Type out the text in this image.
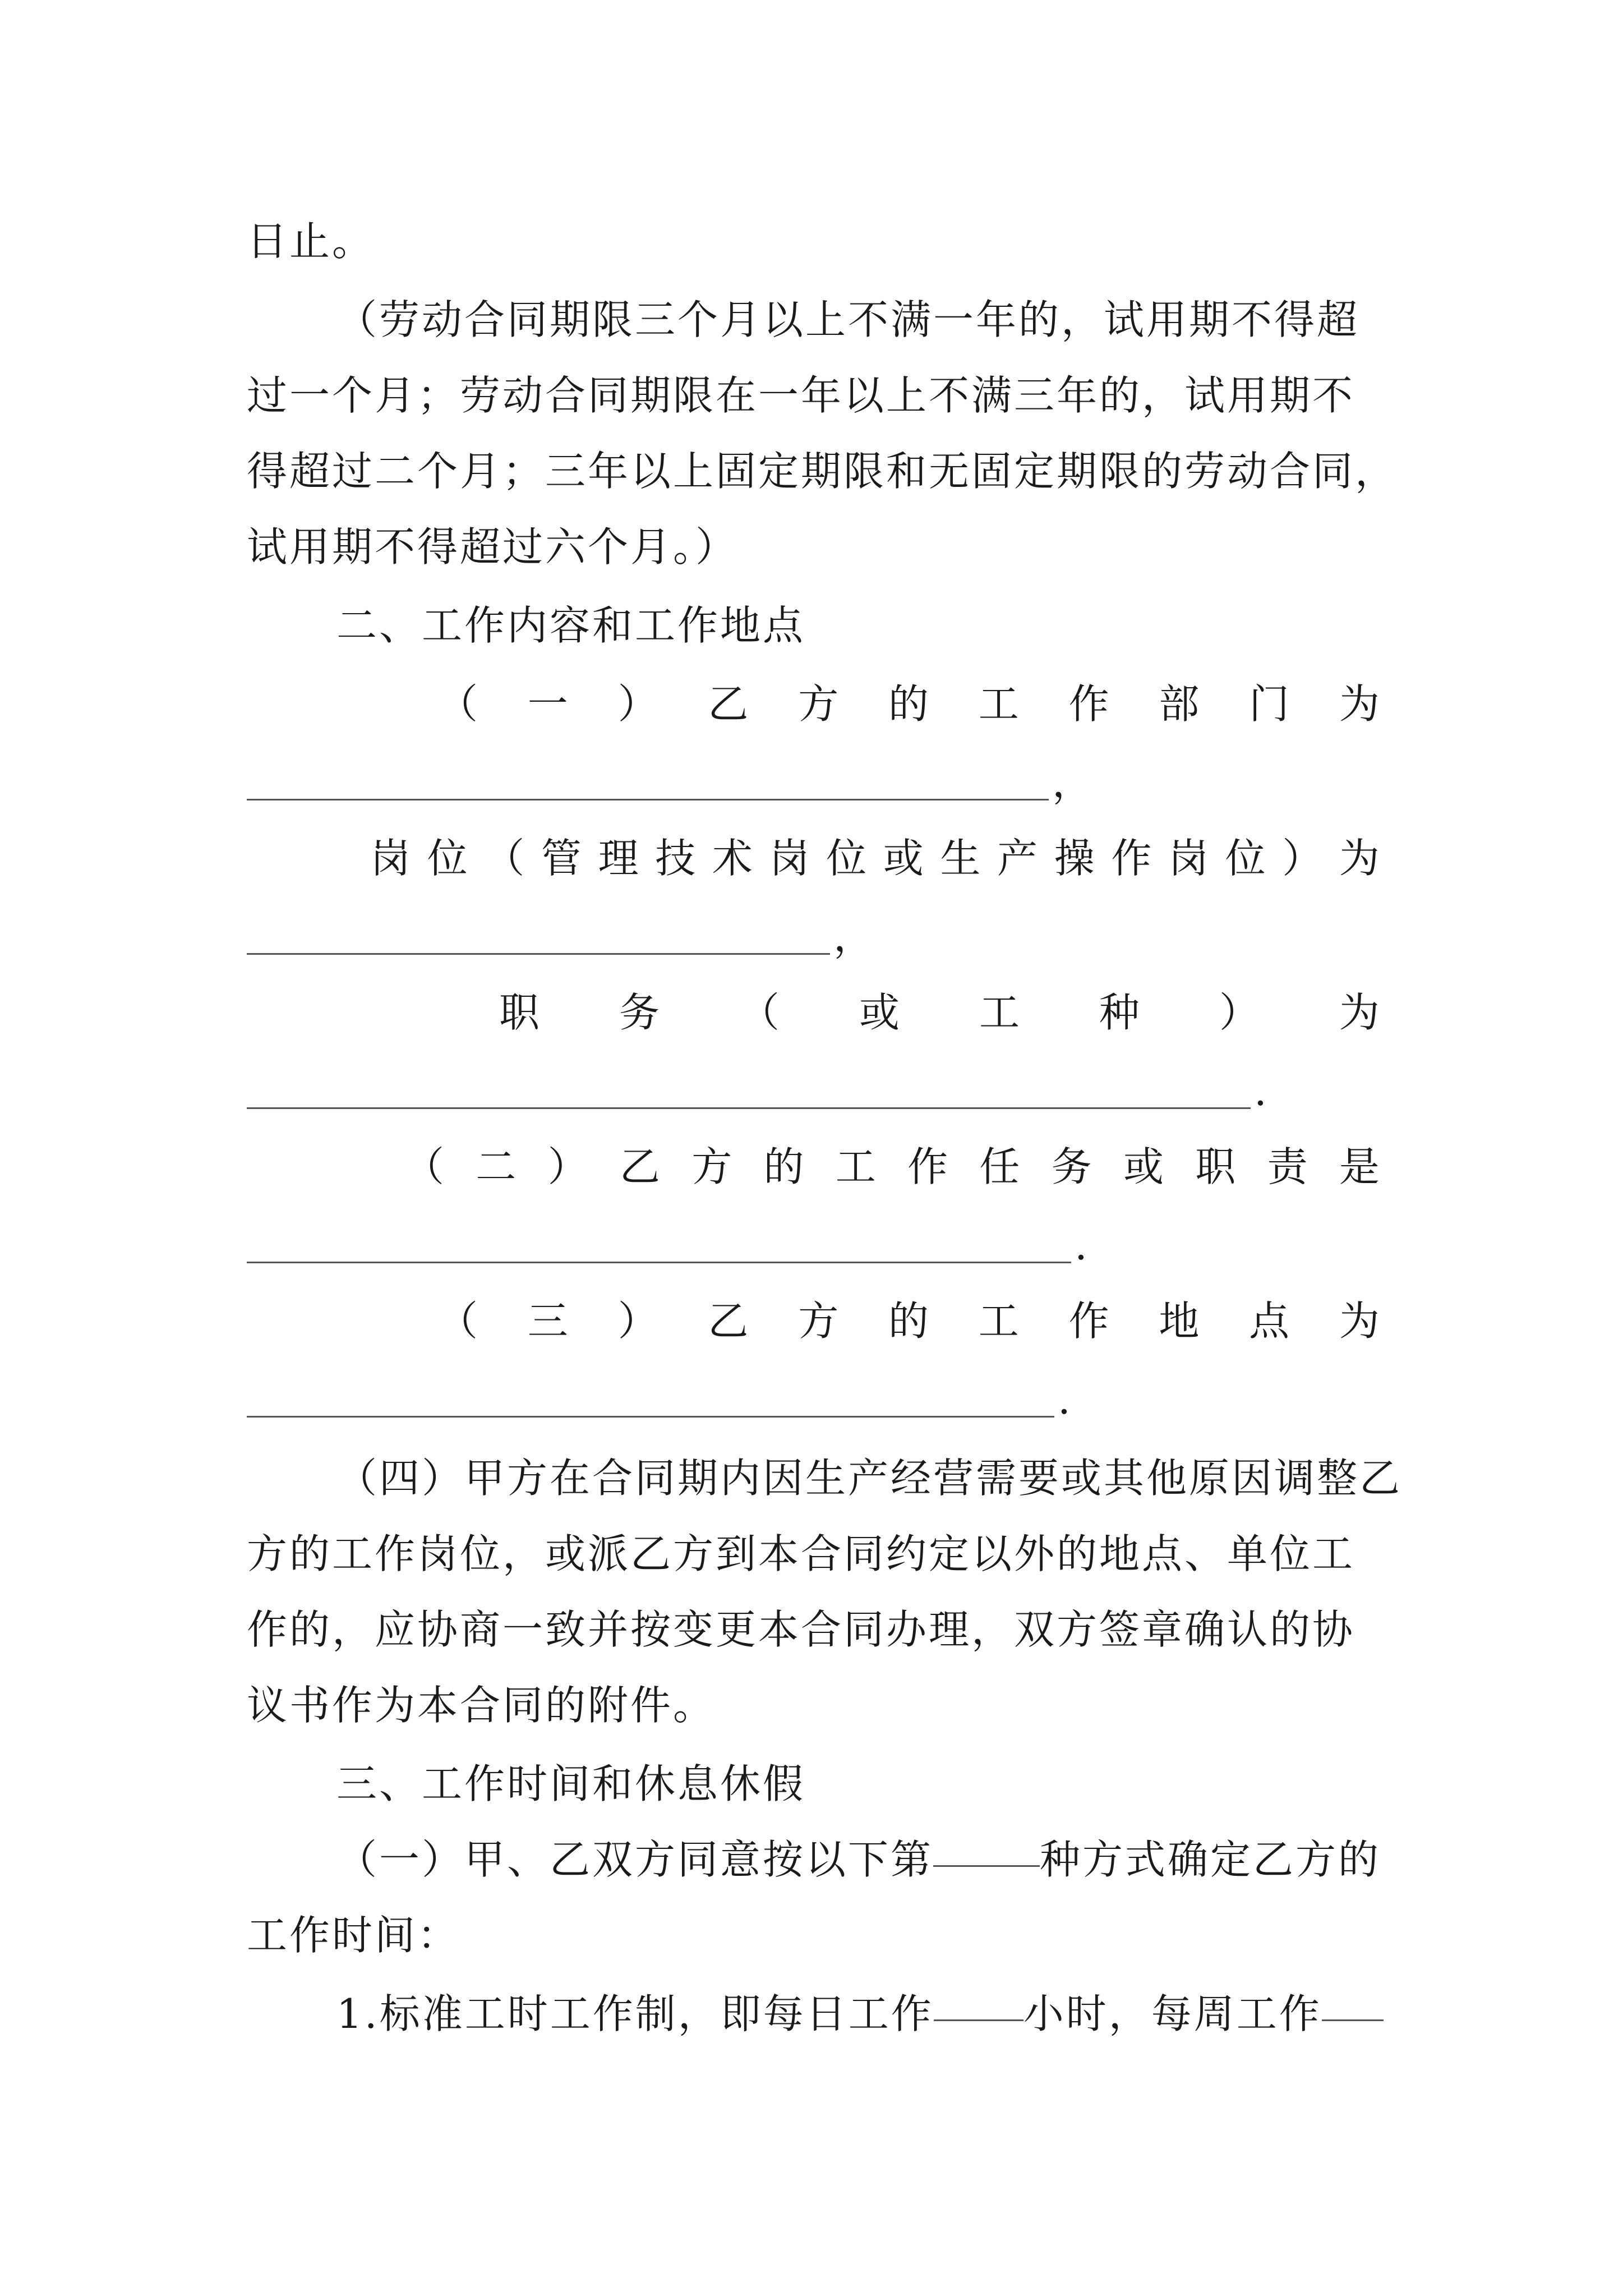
日止。
（劳动合同期限三个月以上不满一年的，试用期不得超
过一个月；劳动合同期限在一年以上不满三年的，试用期不
得超过二个月；三年以上固定期限和无固定期限的劳动合同，
试用期不得超过六个月。）
二、工作内容和工作地点
（ 一 ） 乙 方 的 工 作 部 门 为
，
岗 位 （ 管 理 技 术 岗 位 或 生 产 操 作 岗 位 ） 为
，
职 务 （ 或 工 种 ） 为
.
（ 二 ） 乙 方 的 工 作 任 务 或 职 责 是
.
（ 三 ） 乙 方 的 工 作 地 点 为
.
（四）甲方在合同期内因生产经营需要或其他原因调整乙
方的工作岗位，或派乙方到本合同约定以外的地点、单位工
作的，应协商一致并按变更本合同办理，双方签章确认的协
议书作为本合同的附件。
三、工作时间和休息休假
（一）甲、乙双方同意按以下第	种方式确定乙方的
工作时间：
1.标准工时工作制，即每日工作 小时，每周工作
